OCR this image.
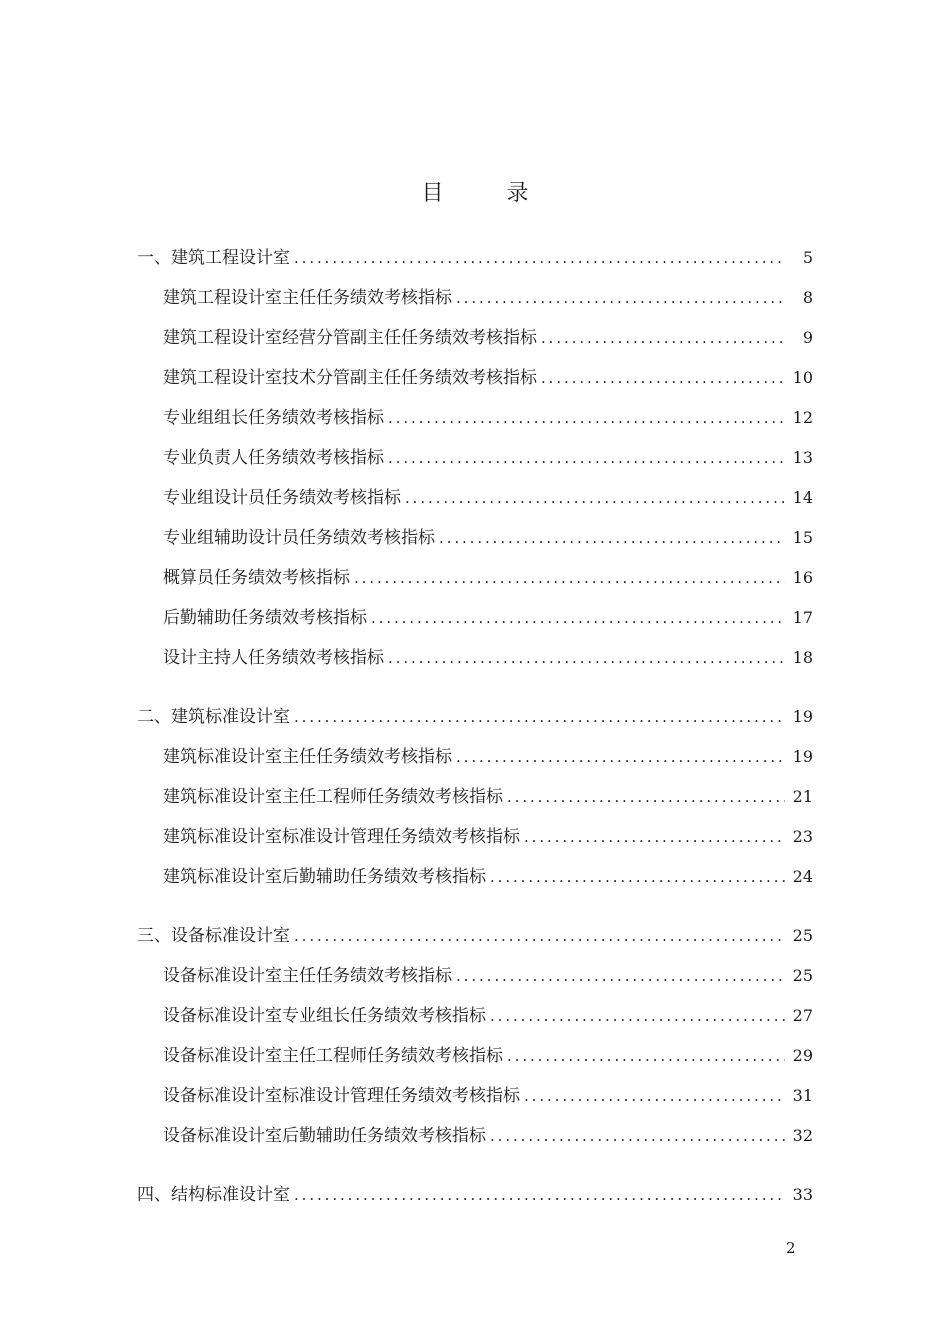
目 录
一、建筑工程设计室 .....	5
建筑工程设计室主任任务绩效考核指标 .....	8
建筑工程设计室经营分管副主任任务绩效考核指标 .....	9
建筑工程设计室技术分管副主任任务绩效考核指标 .....	10
专业组组长任务绩效考核指标 .....	12
专业负责人任务绩效考核指标 .....	13
专业组设计员任务绩效考核指标 .....	14
专业组辅助设计员任务绩效考核指标 .....	15
概算员任务绩效考核指标 .....	16
后勤辅助任务绩效考核指标 .....	17
设计主持人任务绩效考核指标 .....	18
二、建筑标准设计室 .....	19
建筑标准设计室主任任务绩效考核指标 .....	19
建筑标准设计室主任工程师任务绩效考核指标 .....	21
建筑标准设计室标准设计管理任务绩效考核指标 .....	23
建筑标准设计室后勤辅助任务绩效考核指标 .....	24
三、设备标准设计室 .....	25
设备标准设计室主任任务绩效考核指标 .....	25
设备标准设计室专业组长任务绩效考核指标 .....	27
设备标准设计室主任工程师任务绩效考核指标 .....	29
设备标准设计室标准设计管理任务绩效考核指标 .....	31
设备标准设计室后勤辅助任务绩效考核指标 .....	32
四、结构标准设计室 .....	33
2
